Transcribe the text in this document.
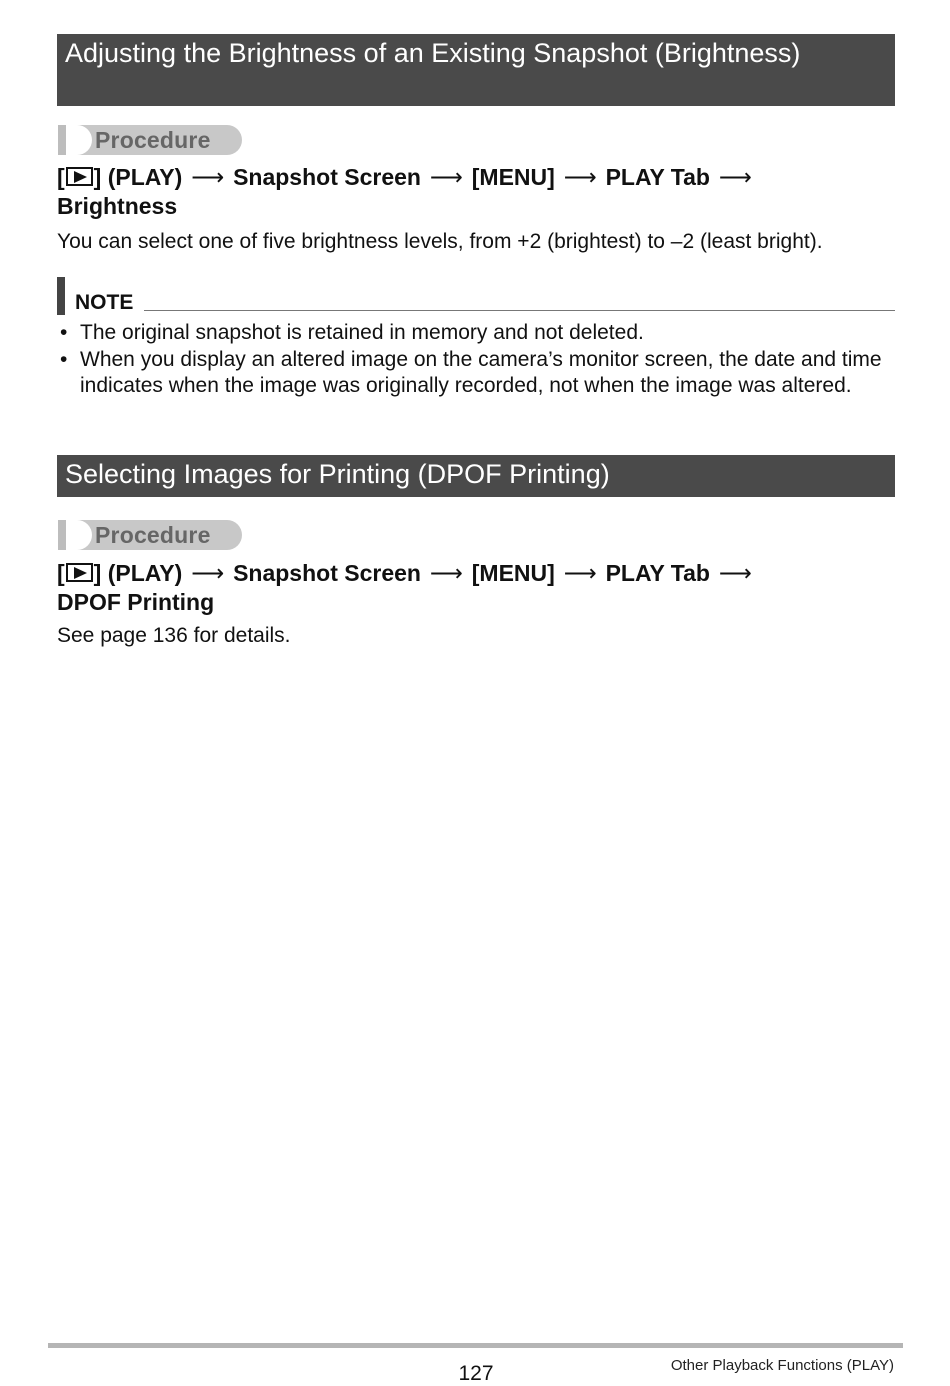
Adjusting the Brightness of an Existing Snapshot (Brightness)
Procedure
[ ] (PLAY) ⟶ Snapshot Screen ⟶ [MENU] ⟶ PLAY Tab ⟶
Brightness
You can select one of five brightness levels, from +2 (brightest) to –2 (least bright).
NOTE
• The original snapshot is retained in memory and not deleted.
• When you display an altered image on the camera’s monitor screen, the date and time indicates when the image was originally recorded, not when the image was altered.
Selecting Images for Printing (DPOF Printing)
Procedure
[ ] (PLAY) ⟶ Snapshot Screen ⟶ [MENU] ⟶ PLAY Tab ⟶
DPOF Printing
See page 136 for details.
127	Other Playback Functions (PLAY)
